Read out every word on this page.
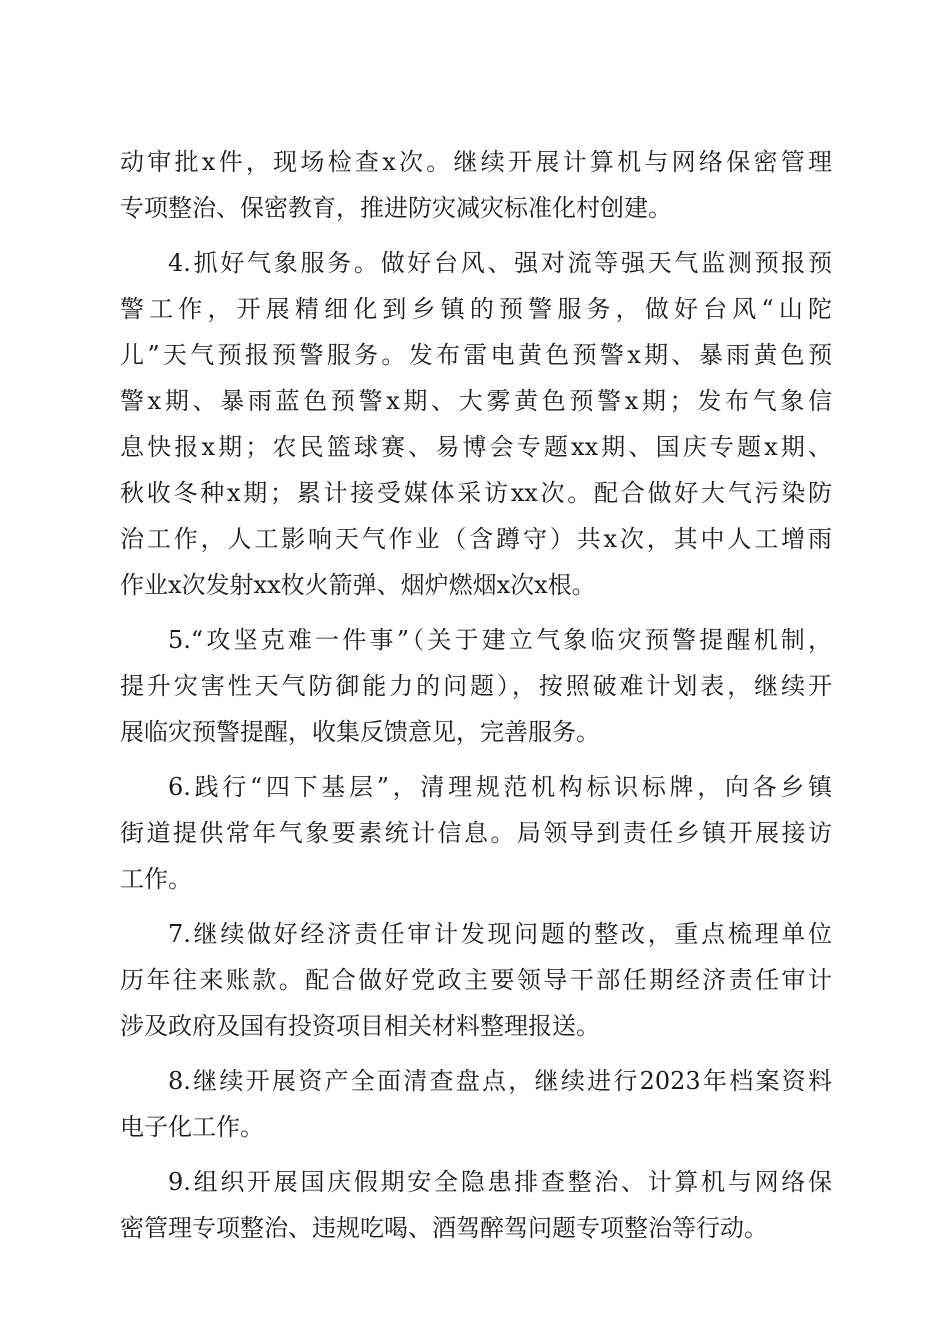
动审批x件，现场检查x次。继续开展计算机与网络保密管理
专项整治、保密教育，推进防灾减灾标准化村创建。
4.抓好气象服务。做好台风、强对流等强天气监测预报预
警工作，开展精细化到乡镇的预警服务，做好台风“山陀
儿”天气预报预警服务。发布雷电黄色预警x期、暴雨黄色预
警x期、暴雨蓝色预警x期、大雾黄色预警x期；发布气象信
息快报x期；农民篮球赛、易博会专题xx期、国庆专题x期、
秋收冬种x期；累计接受媒体采访xx次。配合做好大气污染防
治工作，人工影响天气作业（含蹲守）共x次，其中人工增雨
作业x次发射xx枚火箭弹、烟炉燃烟x次x根。
5.“攻坚克难一件事”（关于建立气象临灾预警提醒机制，
提升灾害性天气防御能力的问题），按照破难计划表，继续开
展临灾预警提醒，收集反馈意见，完善服务。
6.践行“四下基层”，清理规范机构标识标牌，向各乡镇
街道提供常年气象要素统计信息。局领导到责任乡镇开展接访
工作。
7.继续做好经济责任审计发现问题的整改，重点梳理单位
历年往来账款。配合做好党政主要领导干部任期经济责任审计
涉及政府及国有投资项目相关材料整理报送。
8.继续开展资产全面清查盘点，继续进行2023年档案资料
电子化工作。
9.组织开展国庆假期安全隐患排查整治、计算机与网络保
密管理专项整治、违规吃喝、酒驾醉驾问题专项整治等行动。
